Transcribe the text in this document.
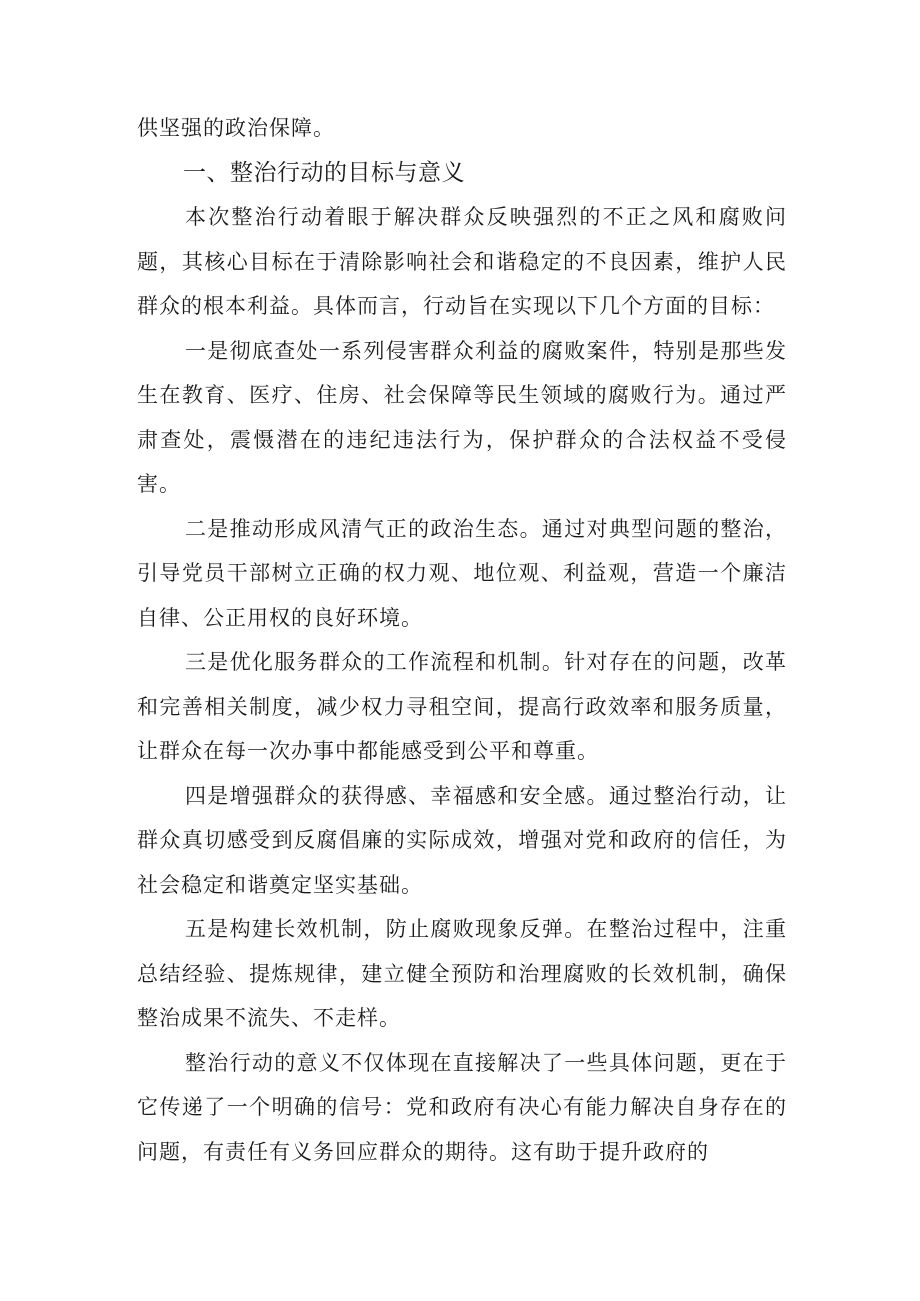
供坚强的政治保障。

一、整治行动的目标与意义

本次整治行动着眼于解决群众反映强烈的不正之风和腐败问题，其核心目标在于清除影响社会和谐稳定的不良因素，维护人民群众的根本利益。具体而言，行动旨在实现以下几个方面的目标：

一是彻底查处一系列侵害群众利益的腐败案件，特别是那些发生在教育、医疗、住房、社会保障等民生领域的腐败行为。通过严肃查处，震慑潜在的违纪违法行为，保护群众的合法权益不受侵害。

二是推动形成风清气正的政治生态。通过对典型问题的整治，引导党员干部树立正确的权力观、地位观、利益观，营造一个廉洁自律、公正用权的良好环境。

三是优化服务群众的工作流程和机制。针对存在的问题，改革和完善相关制度，减少权力寻租空间，提高行政效率和服务质量，让群众在每一次办事中都能感受到公平和尊重。

四是增强群众的获得感、幸福感和安全感。通过整治行动，让群众真切感受到反腐倡廉的实际成效，增强对党和政府的信任，为社会稳定和谐奠定坚实基础。

五是构建长效机制，防止腐败现象反弹。在整治过程中，注重总结经验、提炼规律，建立健全预防和治理腐败的长效机制，确保整治成果不流失、不走样。

整治行动的意义不仅体现在直接解决了一些具体问题，更在于它传递了一个明确的信号：党和政府有决心有能力解决自身存在的问题，有责任有义务回应群众的期待。这有助于提升政府的
